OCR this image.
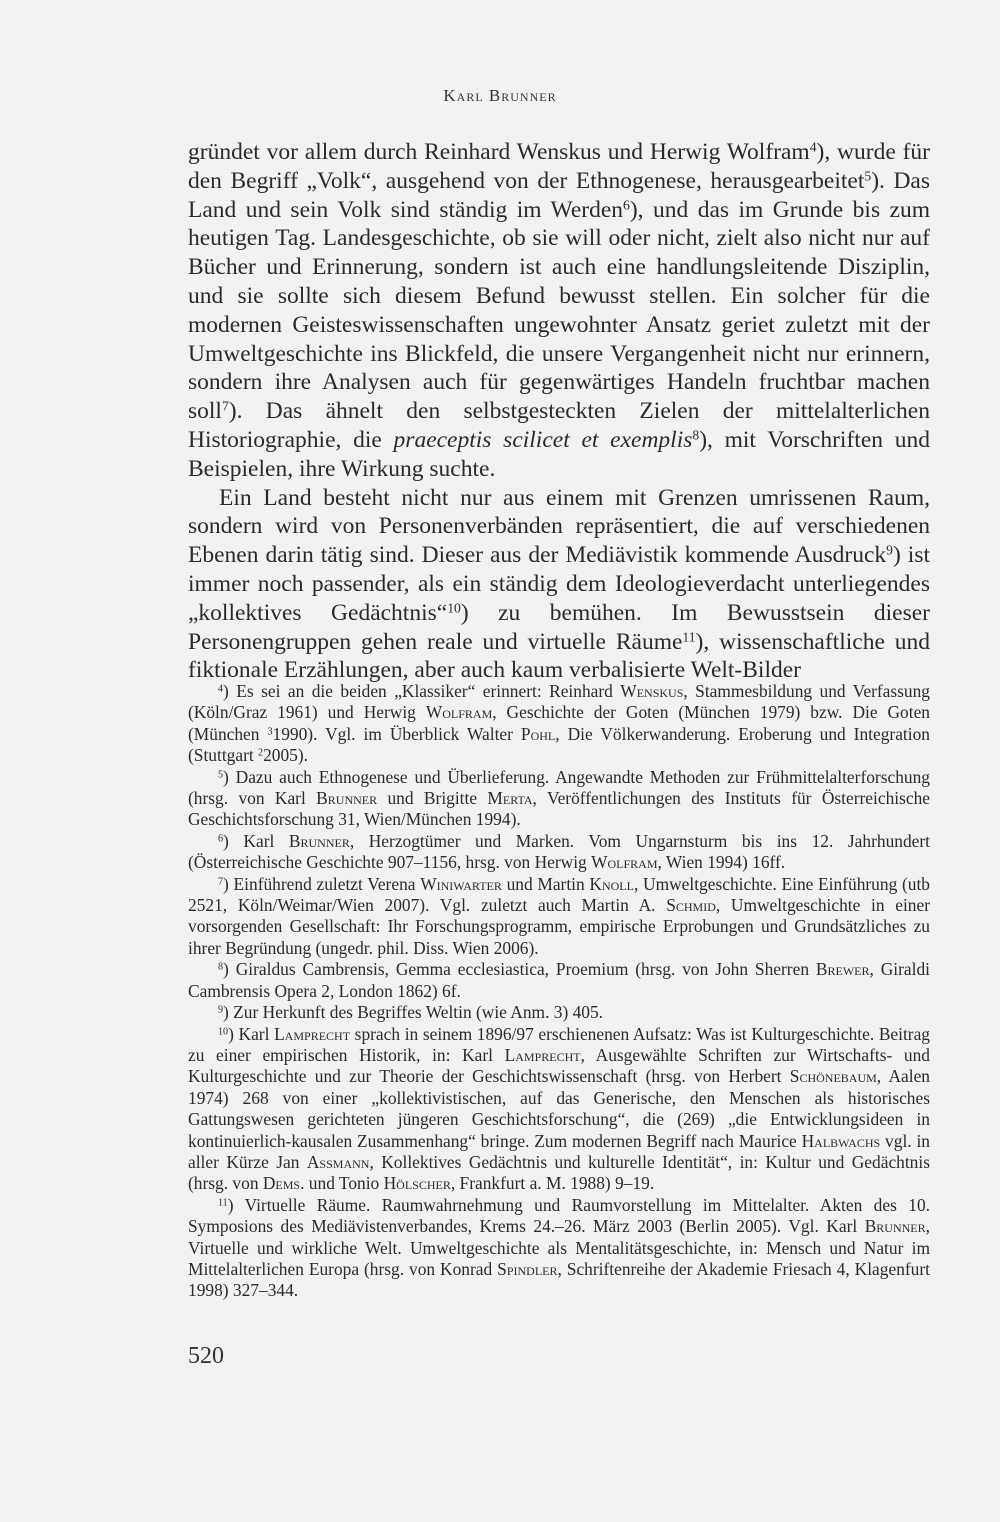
Karl Brunner

gründet vor allem durch Reinhard Wenskus und Herwig Wolfram$^4$), wurde für den Begriff „Volk“, ausgehend von der Ethnogenese, herausgearbeitet$^5$). Das Land und sein Volk sind ständig im Werden$^6$), und das im Grunde bis zum heutigen Tag. Landesgeschichte, ob sie will oder nicht, zielt also nicht nur auf Bücher und Erinnerung, sondern ist auch eine handlungsleitende Disziplin, und sie sollte sich diesem Befund bewusst stellen. Ein solcher für die modernen Geisteswissenschaften ungewohnter Ansatz geriet zuletzt mit der Umweltgeschichte ins Blickfeld, die unsere Vergangenheit nicht nur erinnern, sondern ihre Analysen auch für gegenwärtiges Handeln fruchtbar machen soll$^7$). Das ähnelt den selbstgesteckten Zielen der mittelalterlichen Historiographie, die praeceptis scilicet et exemplis$^8$), mit Vorschriften und Beispielen, ihre Wirkung suchte.

Ein Land besteht nicht nur aus einem mit Grenzen umrissenen Raum, sondern wird von Personenverbänden repräsentiert, die auf verschiedenen Ebenen darin tätig sind. Dieser aus der Mediävistik kommende Ausdruck$^9$) ist immer noch passender, als ein ständig dem Ideologieverdacht unterliegendes „kollektives Gedächtnis“$^{10}$) zu bemühen. Im Bewusstsein dieser Personengruppen gehen reale und virtuelle Räume$^{11}$), wissenschaftliche und fiktionale Erzählungen, aber auch kaum verbalisierte Welt-Bilder

$^4$) Es sei an die beiden „Klassiker“ erinnert: Reinhard Wenskus, Stammesbildung und Verfassung (Köln/Graz 1961) und Herwig Wolfram, Geschichte der Goten (München 1979) bzw. Die Goten (München $^3$1990). Vgl. im Überblick Walter Pohl, Die Völkerwanderung. Eroberung und Integration (Stuttgart $^2$2005).

$^5$) Dazu auch Ethnogenese und Überlieferung. Angewandte Methoden zur Frühmittelalterforschung (hrsg. von Karl Brunner und Brigitte Merta, Veröffentlichungen des Instituts für Österreichische Geschichtsforschung 31, Wien/München 1994).

$^6$) Karl Brunner, Herzogtümer und Marken. Vom Ungarnsturm bis ins 12. Jahrhundert (Österreichische Geschichte 907–1156, hrsg. von Herwig Wolfram, Wien 1994) 16ff.

$^7$) Einführend zuletzt Verena Winiwarter und Martin Knoll, Umweltgeschichte. Eine Einführung (utb 2521, Köln/Weimar/Wien 2007). Vgl. zuletzt auch Martin A. Schmid, Umweltgeschichte in einer vorsorgenden Gesellschaft: Ihr Forschungsprogramm, empirische Erprobungen und Grundsätzliches zu ihrer Begründung (ungedr. phil. Diss. Wien 2006).

$^8$) Giraldus Cambrensis, Gemma ecclesiastica, Proemium (hrsg. von John Sherren Brewer, Giraldi Cambrensis Opera 2, London 1862) 6f.

$^9$) Zur Herkunft des Begriffes Weltin (wie Anm. 3) 405.

$^{10}$) Karl Lamprecht sprach in seinem 1896/97 erschienenen Aufsatz: Was ist Kulturgeschichte. Beitrag zu einer empirischen Historik, in: Karl Lamprecht, Ausgewählte Schriften zur Wirtschafts- und Kulturgeschichte und zur Theorie der Geschichtswissenschaft (hrsg. von Herbert Schönebaum, Aalen 1974) 268 von einer „kollektivistischen, auf das Generische, den Menschen als historisches Gattungswesen gerichteten jüngeren Geschichtsforschung“, die (269) „die Entwicklungsideen in kontinuierlich-kausalen Zusammenhang“ bringe. Zum modernen Begriff nach Maurice Halbwachs vgl. in aller Kürze Jan Assmann, Kollektives Gedächtnis und kulturelle Identität“, in: Kultur und Gedächtnis (hrsg. von Dems. und Tonio Hölscher, Frankfurt a. M. 1988) 9–19.

$^{11}$) Virtuelle Räume. Raumwahrnehmung und Raumvorstellung im Mittelalter. Akten des 10. Symposions des Mediävistenverbandes, Krems 24.–26. März 2003 (Berlin 2005). Vgl. Karl Brunner, Virtuelle und wirkliche Welt. Umweltgeschichte als Mentalitätsgeschichte, in: Mensch und Natur im Mittelalterlichen Europa (hrsg. von Konrad Spindler, Schriftenreihe der Akademie Friesach 4, Klagenfurt 1998) 327–344.

520
